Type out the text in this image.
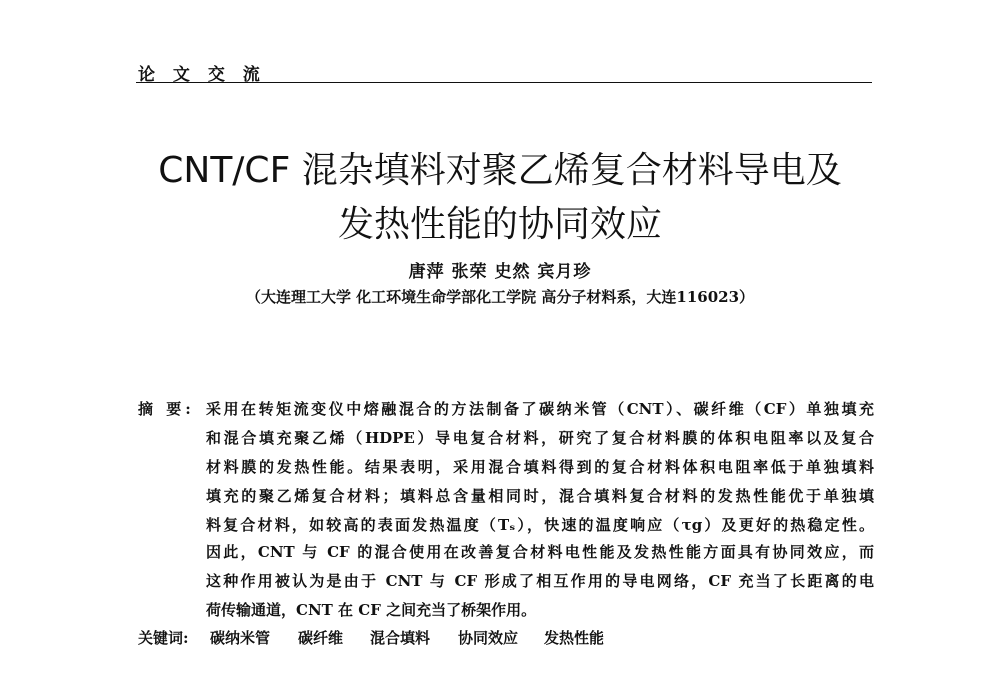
论 文 交 流
CNT/CF 混杂填料对聚乙烯复合材料导电及
发热性能的协同效应
唐萍 张荣 史然 宾月珍
（大连理工大学 化工环境生命学部化工学院 高分子材料系，大连116023）
摘 要: 采用在转矩流变仪中熔融混合的方法制备了碳纳米管（CNT）、碳纤维（CF）单独填充
和混合填充聚乙烯（HDPE）导电复合材料，研究了复合材料膜的体积电阻率以及复合
材料膜的发热性能。结果表明，采用混合填料得到的复合材料体积电阻率低于单独填料
填充的聚乙烯复合材料；填料总含量相同时，混合填料复合材料的发热性能优于单独填
料复合材料，如较高的表面发热温度（Tₛ），快速的温度响应（τg）及更好的热稳定性。
因此，CNT 与 CF 的混合使用在改善复合材料电性能及发热性能方面具有协同效应，而
这种作用被认为是由于 CNT 与 CF 形成了相互作用的导电网络，CF 充当了长距离的电
荷传输通道，CNT 在 CF 之间充当了桥架作用。
关键词: 碳纳米管 碳纤维 混合填料 协同效应 发热性能
